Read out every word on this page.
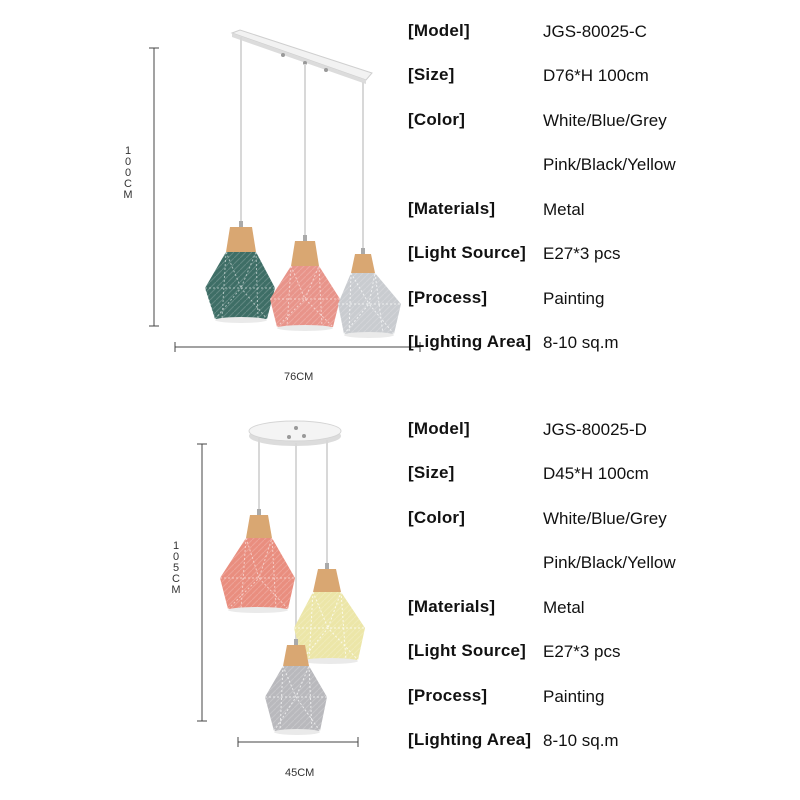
100CM
76CM
105CM
45CM
[Model]	JGS-80025-C
[Size]	D76*H 100cm
[Color]	White/Blue/Grey
Pink/Black/Yellow
[Materials]	Metal
[Light Source] E27*3 pcs
[Process]	Painting
[Lighting Area] 8-10 sq.m
[Model]	JGS-80025-D
[Size]	D45*H 100cm
[Color]	White/Blue/Grey
Pink/Black/Yellow
[Materials]	Metal
[Light Source] E27*3 pcs
[Process]	Painting
[Lighting Area] 8-10 sq.m
